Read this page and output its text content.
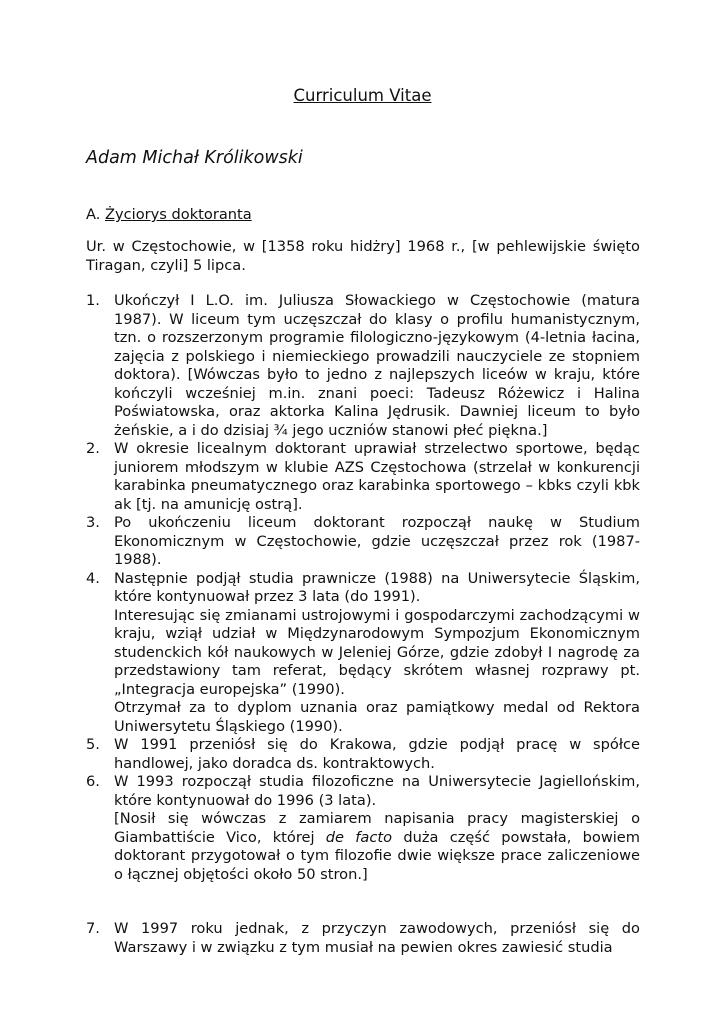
Curriculum Vitae
Adam Michał Królikowski
A. Życiorys doktoranta

Ur. w Częstochowie, w [1358 roku hidżry] 1968 r., [w pehlewijskie święto Tiragan, czyli] 5 lipca.

1. Ukończył I L.O. im. Juliusza Słowackiego w Częstochowie (matura 1987). W liceum tym uczęszczał do klasy o profilu humanistycznym, tzn. o rozszerzonym programie filologiczno-językowym (4-letnia łacina, zajęcia z polskiego i niemieckiego prowadzili nauczyciele ze stopniem doktora). [Wówczas było to jedno z najlepszych liceów w kraju, które kończyli wcześniej m.in. znani poeci: Tadeusz Różewicz i Halina Poświatowska, oraz aktorka Kalina Jędrusik. Dawniej liceum to było żeńskie, a i do dzisiaj ¾ jego uczniów stanowi płeć piękna.]

2. W okresie licealnym doktorant uprawiał strzelectwo sportowe, będąc juniorem młodszym w klubie AZS Częstochowa (strzelał w konkurencji karabinka pneumatycznego oraz karabinka sportowego – kbks czyli kbk ak [tj. na amunicję ostrą].

3. Po ukończeniu liceum doktorant rozpoczął naukę w Studium Ekonomicznym w Częstochowie, gdzie uczęszczał przez rok (1987-1988).

4. Następnie podjął studia prawnicze (1988) na Uniwersytecie Śląskim, które kontynuował przez 3 lata (do 1991).

Interesując się zmianami ustrojowymi i gospodarczymi zachodzącymi w kraju, wziął udział w Międzynarodowym Sympozjum Ekonomicznym studenckich kół naukowych w Jeleniej Górze, gdzie zdobył I nagrodę za przedstawiony tam referat, będący skrótem własnej rozprawy pt. „Integracja europejska” (1990).

Otrzymał za to dyplom uznania oraz pamiątkowy medal od Rektora Uniwersytetu Śląskiego (1990).

5. W 1991 przeniósł się do Krakowa, gdzie podjął pracę w spółce handlowej, jako doradca ds. kontraktowych.

6. W 1993 rozpoczął studia filozoficzne na Uniwersytecie Jagiellońskim, które kontynuował do 1996 (3 lata).

[Nosił się wówczas z zamiarem napisania pracy magisterskiej o Giambattiście Vico, której de facto duża część powstała, bowiem doktorant przygotował o tym filozofie dwie większe prace zaliczeniowe o łącznej objętości około 50 stron.]

7. W 1997 roku jednak, z przyczyn zawodowych, przeniósł się do Warszawy i w związku z tym musiał na pewien okres zawiesić studia
